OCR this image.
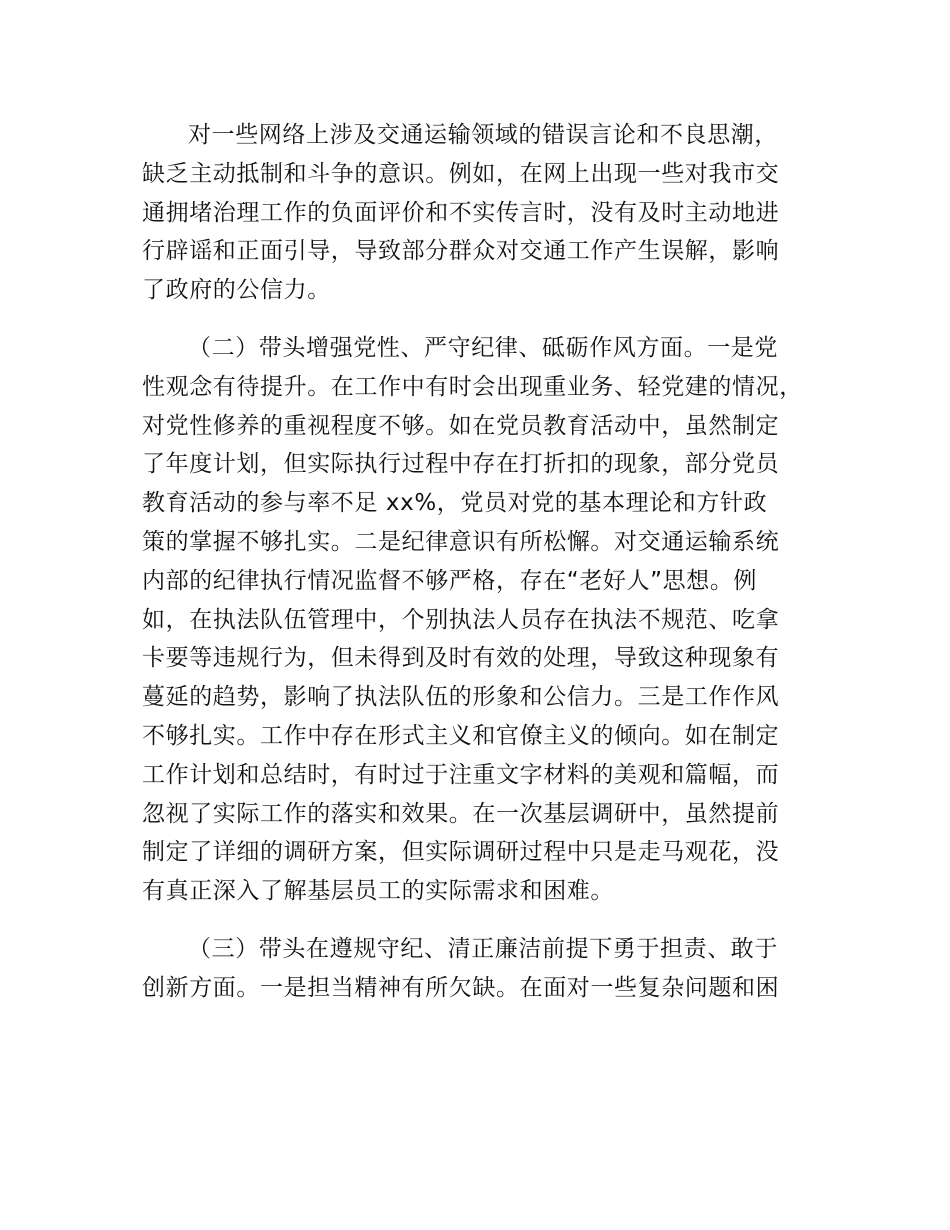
对一些网络上涉及交通运输领域的错误言论和不良思潮，
缺乏主动抵制和斗争的意识。例如，在网上出现一些对我市交
通拥堵治理工作的负面评价和不实传言时，没有及时主动地进
行辟谣和正面引导，导致部分群众对交通工作产生误解，影响
了政府的公信力。
（二）带头增强党性、严守纪律、砥砺作风方面。一是党
性观念有待提升。在工作中有时会出现重业务、轻党建的情况，
对党性修养的重视程度不够。如在党员教育活动中，虽然制定
了年度计划，但实际执行过程中存在打折扣的现象，部分党员
教育活动的参与率不足 xx%，党员对党的基本理论和方针政
策的掌握不够扎实。二是纪律意识有所松懈。对交通运输系统
内部的纪律执行情况监督不够严格，存在“老好人”思想。例
如，在执法队伍管理中，个别执法人员存在执法不规范、吃拿
卡要等违规行为，但未得到及时有效的处理，导致这种现象有
蔓延的趋势，影响了执法队伍的形象和公信力。三是工作作风
不够扎实。工作中存在形式主义和官僚主义的倾向。如在制定
工作计划和总结时，有时过于注重文字材料的美观和篇幅，而
忽视了实际工作的落实和效果。在一次基层调研中，虽然提前
制定了详细的调研方案，但实际调研过程中只是走马观花，没
有真正深入了解基层员工的实际需求和困难。
（三）带头在遵规守纪、清正廉洁前提下勇于担责、敢于
创新方面。一是担当精神有所欠缺。在面对一些复杂问题和困
